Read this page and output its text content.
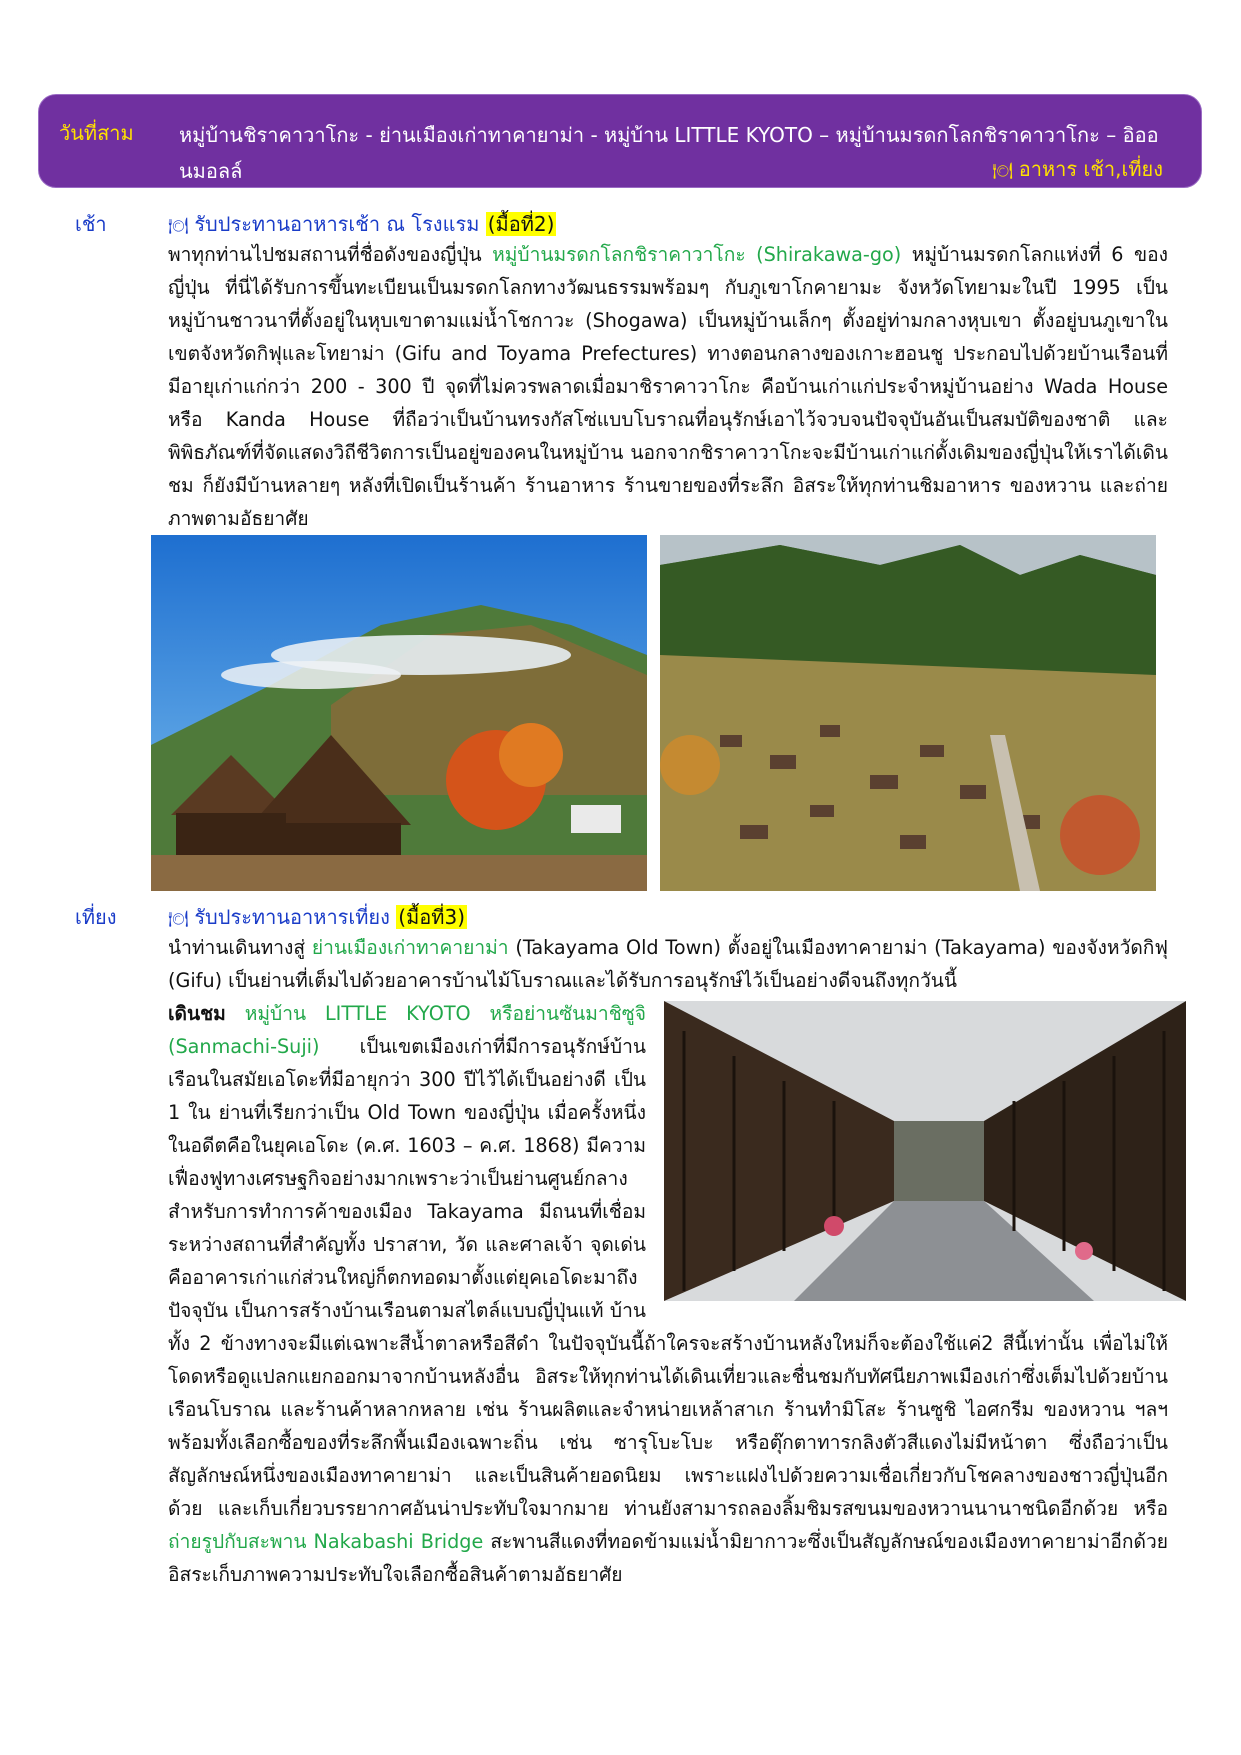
วันที่สาม หมู่บ้านชิราคาวาโกะ - ย่านเมืองเก่าทาคายาม่า - หมู่บ้าน LITTLE KYOTO – หมู่บ้านมรดกโลกชิราคาวาโกะ – อิออนมอลล์	🍽 อาหาร เช้า,เที่ยง
เช้า	🍽 รับประทานอาหารเช้า ณ โรงแรม (มื้อที่2)
พาทุกท่านไปชมสถานที่ชื่อดังของญี่ปุ่น หมู่บ้านมรดกโลกชิราคาวาโกะ (Shirakawa-go) หมู่บ้านมรดกโลกแห่งที่ 6 ของญี่ปุ่น ที่นี่ได้รับการขึ้นทะเบียนเป็นมรดกโลกทางวัฒนธรรมพร้อมๆ กับภูเขาโกคายามะ จังหวัดโทยามะในปี 1995 เป็นหมู่บ้านชาวนาที่ตั้งอยู่ในหุบเขาตามแม่น้ำโชกาวะ (Shogawa) เป็นหมู่บ้านเล็กๆ ตั้งอยู่ท่ามกลางหุบเขา ตั้งอยู่บนภูเขาในเขตจังหวัดกิฟุและโทยาม่า (Gifu and Toyama Prefectures) ทางตอนกลางของเกาะฮอนชู ประกอบไปด้วยบ้านเรือนที่มีอายุเก่าแก่กว่า 200 - 300 ปี จุดที่ไม่ควรพลาดเมื่อมาชิราคาวาโกะ คือบ้านเก่าแก่ประจำหมู่บ้านอย่าง Wada House หรือ Kanda House ที่ถือว่าเป็นบ้านทรงกัสโซ่แบบโบราณที่อนุรักษ์เอาไว้จวบจนปัจจุบันอันเป็นสมบัติของชาติ และพิพิธภัณฑ์ที่จัดแสดงวิถีชีวิตการเป็นอยู่ของคนในหมู่บ้าน นอกจากชิราคาวาโกะจะมีบ้านเก่าแก่ดั้งเดิมของญี่ปุ่นให้เราได้เดินชม ก็ยังมีบ้านหลายๆ หลังที่เปิดเป็นร้านค้า ร้านอาหาร ร้านขายของที่ระลึก อิสระให้ทุกท่านชิมอาหาร ของหวาน และถ่ายภาพตามอัธยาศัย
เที่ยง	🍽 รับประทานอาหารเที่ยง (มื้อที่3)
นำท่านเดินทางสู่ ย่านเมืองเก่าทาคายาม่า (Takayama Old Town) ตั้งอยู่ในเมืองทาคายาม่า (Takayama) ของจังหวัดกิฟุ (Gifu) เป็นย่านที่เต็มไปด้วยอาคารบ้านไม้โบราณและได้รับการอนุรักษ์ไว้เป็นอย่างดีจนถึงทุกวันนี้
เดินชม หมู่บ้าน LITTLE KYOTO หรือย่านซันมาชิซูจิ (Sanmachi-Suji) เป็นเขตเมืองเก่าที่มีการอนุรักษ์บ้านเรือนในสมัยเอโดะที่มีอายุกว่า 300 ปีไว้ได้เป็นอย่างดี เป็น 1 ใน ย่านที่เรียกว่าเป็น Old Town ของญี่ปุ่น เมื่อครั้งหนึ่งในอดีตคือในยุคเอโดะ (ค.ศ. 1603 – ค.ศ. 1868) มีความเฟื่องฟูทางเศรษฐกิจอย่างมากเพราะว่าเป็นย่านศูนย์กลางสำหรับการทำการค้าของเมือง Takayama มีถนนที่เชื่อมระหว่างสถานที่สำคัญทั้ง ปราสาท, วัด และศาลเจ้า จุดเด่นคืออาคารเก่าแก่ส่วนใหญ่ก็ตกทอดมาตั้งแต่ยุคเอโดะมาถึงปัจจุบัน เป็นการสร้างบ้านเรือนตามสไตล์แบบญี่ปุ่นแท้ บ้านทั้ง 2 ข้างทางจะมีแต่เฉพาะสีน้ำตาลหรือสีดำ ในปัจจุบันนี้ถ้าใครจะสร้างบ้านหลังใหม่ก็จะต้องใช้แค่2 สีนี้เท่านั้น เพื่อไม่ให้โดดหรือดูแปลกแยกออกมาจากบ้านหลังอื่น อิสระให้ทุกท่านได้เดินเที่ยวและชื่นชมกับทัศนียภาพเมืองเก่าซึ่งเต็มไปด้วยบ้านเรือนโบราณ และร้านค้าหลากหลาย เช่น ร้านผลิตและจำหน่ายเหล้าสาเก ร้านทำมิโสะ ร้านซูชิ ไอศกรีม ของหวาน ฯลฯ พร้อมทั้งเลือกซื้อของที่ระลึกพื้นเมืองเฉพาะถิ่น เช่น ซารุโบะโบะ หรือตุ๊กตาทารกลิงตัวสีแดงไม่มีหน้าตา ซึ่งถือว่าเป็นสัญลักษณ์หนึ่งของเมืองทาคายาม่า และเป็นสินค้ายอดนิยม เพราะแฝงไปด้วยความเชื่อเกี่ยวกับโชคลางของชาวญี่ปุ่นอีกด้วย และเก็บเกี่ยวบรรยากาศอันน่าประทับใจมากมาย ท่านยังสามารถลองลิ้มชิมรสขนมของหวานนานาชนิดอีกด้วย หรือถ่ายรูปกับสะพาน Nakabashi Bridge สะพานสีแดงที่ทอดข้ามแม่น้ำมิยากาวะซึ่งเป็นสัญลักษณ์ของเมืองทาคายาม่าอีกด้วย อิสระเก็บภาพความประทับใจเลือกซื้อสินค้าตามอัธยาศัย
